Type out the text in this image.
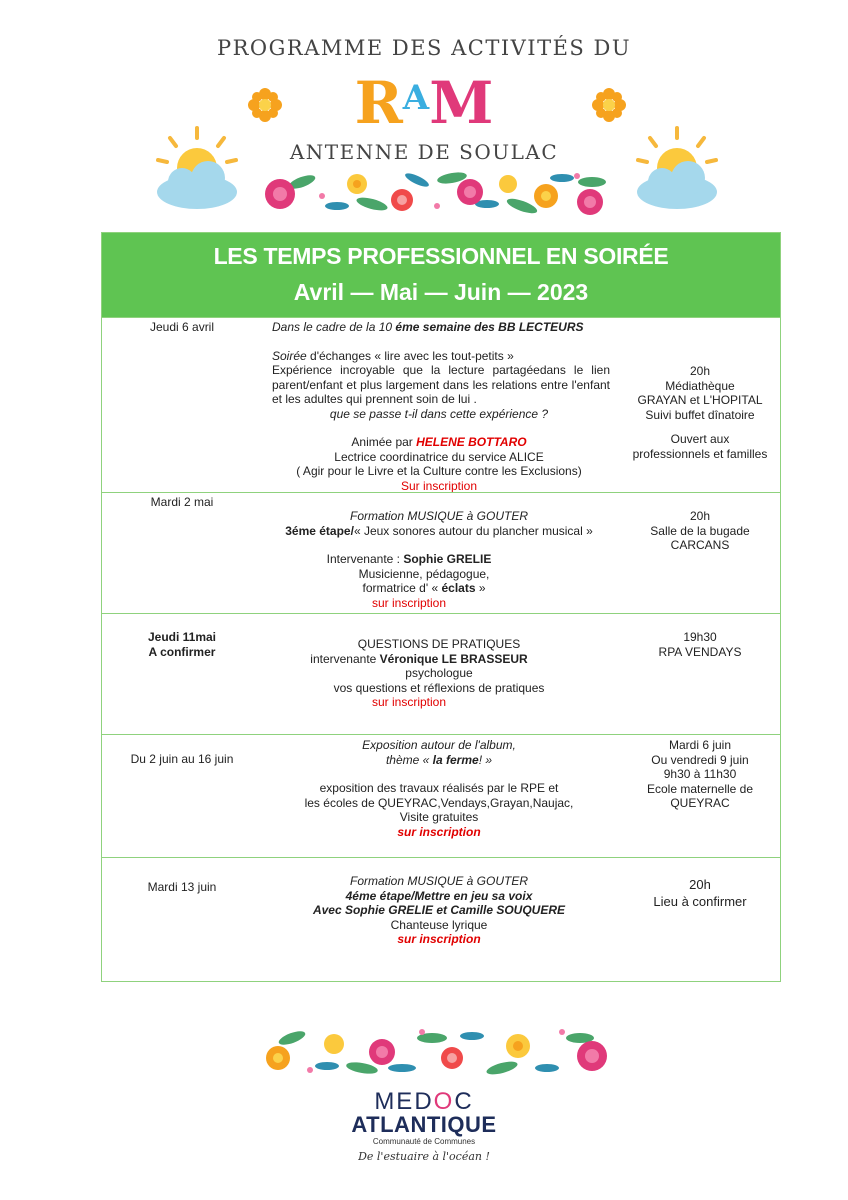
PROGRAMME DES ACTIVITÉS DU
$R^AM$
ANTENNE DE SOULAC
LES TEMPS PROFESSIONNEL EN SOIRÉE
Avril — Mai — Juin — 2023
Jeudi 6 avril	Dans le cadre de la 10 éme semaine des BB LECTEURS
Soirée d'échanges « lire avec les tout-petits »
Expérience incroyable que la lecture partagéedans le lien parent/enfant et plus largement dans les relations entre l'enfant et les adultes qui prennent soin de lui .
que se passe t-il dans cette expérience ?
Animée par HELENE BOTTARO
Lectrice coordinatrice du service ALICE
( Agir pour le Livre et la Culture contre les Exclusions)
Sur inscription
20h
Médiathèque
GRAYAN et L'HOPITAL
Suivi buffet dînatoire
Ouvert aux
professionnels et familles
Mardi 2 mai
Formation MUSIQUE à GOUTER
3éme étape/« Jeux sonores autour du plancher musical »
Intervenante : Sophie GRELIE
Musicienne, pédagogue,
formatrice d' « éclats »
sur inscription
20h
Salle de la bugade
CARCANS
Jeudi 11mai
A confirmer
QUESTIONS DE PRATIQUES
intervenante Véronique LE BRASSEUR
psychologue
vos questions et réflexions de pratiques
sur inscription
19h30
RPA VENDAYS
Du 2 juin au 16 juin
Exposition autour de l'album,
thème « la ferme! »
exposition des travaux réalisés par le RPE et
les écoles de QUEYRAC,Vendays,Grayan,Naujac,
Visite gratuites
sur inscription
Mardi 6 juin
Ou vendredi 9 juin
9h30 à 11h30
Ecole maternelle de
QUEYRAC
Mardi 13 juin	Formation MUSIQUE à GOUTER
4éme étape/Mettre en jeu sa voix
Avec Sophie GRELIE et Camille SOUQUERE
Chanteuse lyrique
sur inscription
20h
Lieu à confirmer
MEDOC
ATLANTIQUE
Communauté de Communes
De l'estuaire à l'océan !
